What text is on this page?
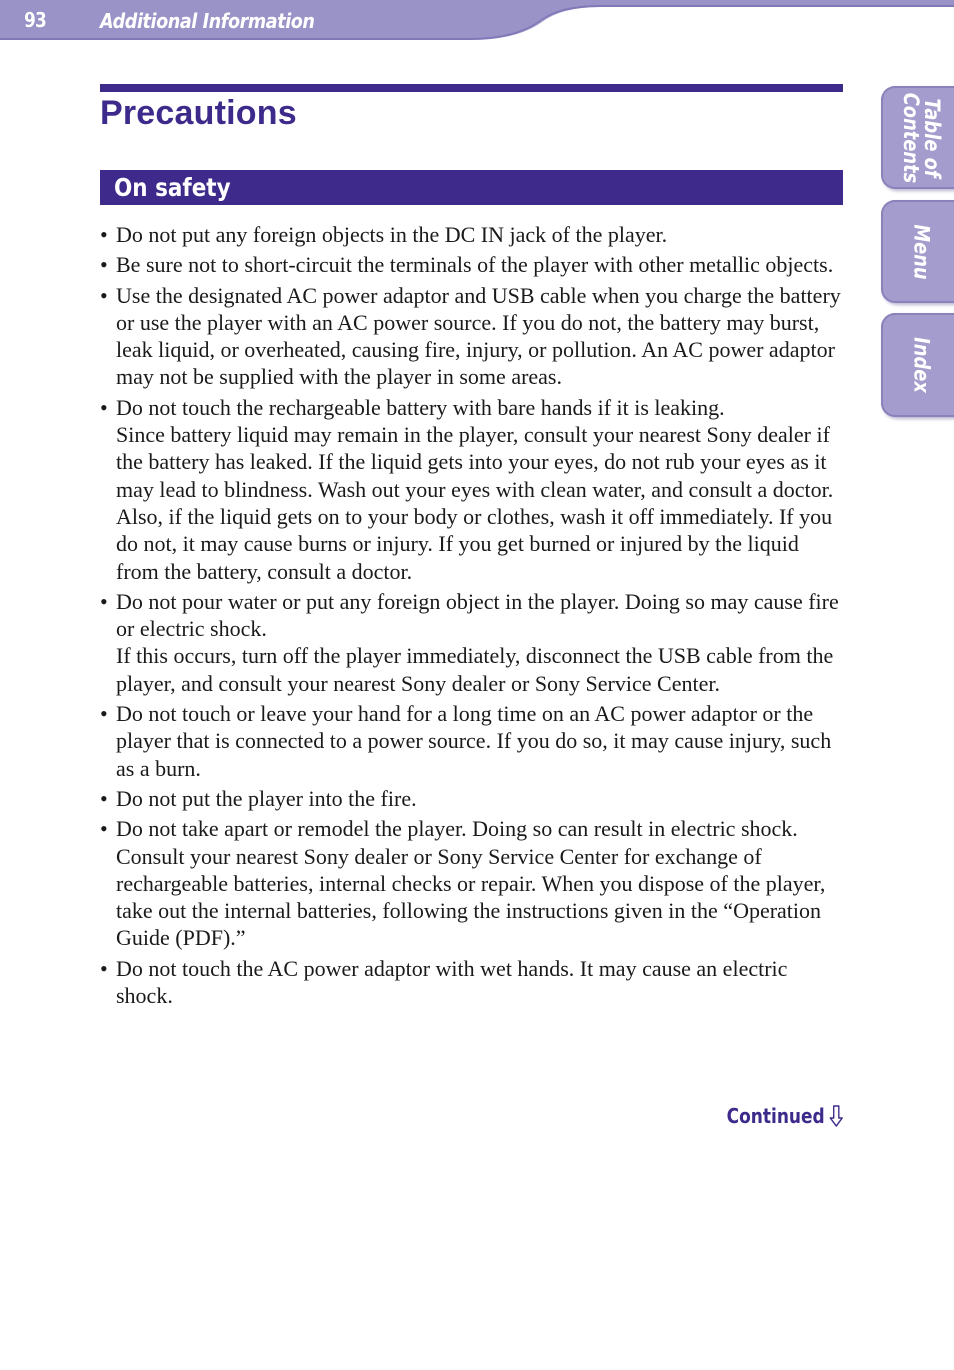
93	Additional Information
Precautions
On safety

• Do not put any foreign objects in the DC IN jack of the player.

• Be sure not to short-circuit the terminals of the player with other metallic objects.

• Use the designated AC power adaptor and USB cable when you charge the battery or use the player with an AC power source. If you do not, the battery may burst, leak liquid, or overheated, causing fire, injury, or pollution. An AC power adaptor may not be supplied with the player in some areas.

• Do not touch the rechargeable battery with bare hands if it is leaking.

Since battery liquid may remain in the player, consult your nearest Sony dealer if the battery has leaked. If the liquid gets into your eyes, do not rub your eyes as it may lead to blindness. Wash out your eyes with clean water, and consult a doctor.

Also, if the liquid gets on to your body or clothes, wash it off immediately. If you do not, it may cause burns or injury. If you get burned or injured by the liquid from the battery, consult a doctor.

• Do not pour water or put any foreign object in the player. Doing so may cause fire or electric shock.

If this occurs, turn off the player immediately, disconnect the USB cable from the player, and consult your nearest Sony dealer or Sony Service Center.

• Do not touch or leave your hand for a long time on an AC power adaptor or the player that is connected to a power source. If you do so, it may cause injury, such as a burn.

• Do not put the player into the fire.

• Do not take apart or remodel the player. Doing so can result in electric shock. Consult your nearest Sony dealer or Sony Service Center for exchange of rechargeable batteries, internal checks or repair. When you dispose of the player, take out the internal batteries, following the instructions given in the “Operation Guide (PDF).”

• Do not touch the AC power adaptor with wet hands. It may cause an electric shock.

Continued
Table of
Contents
Menu
Index
